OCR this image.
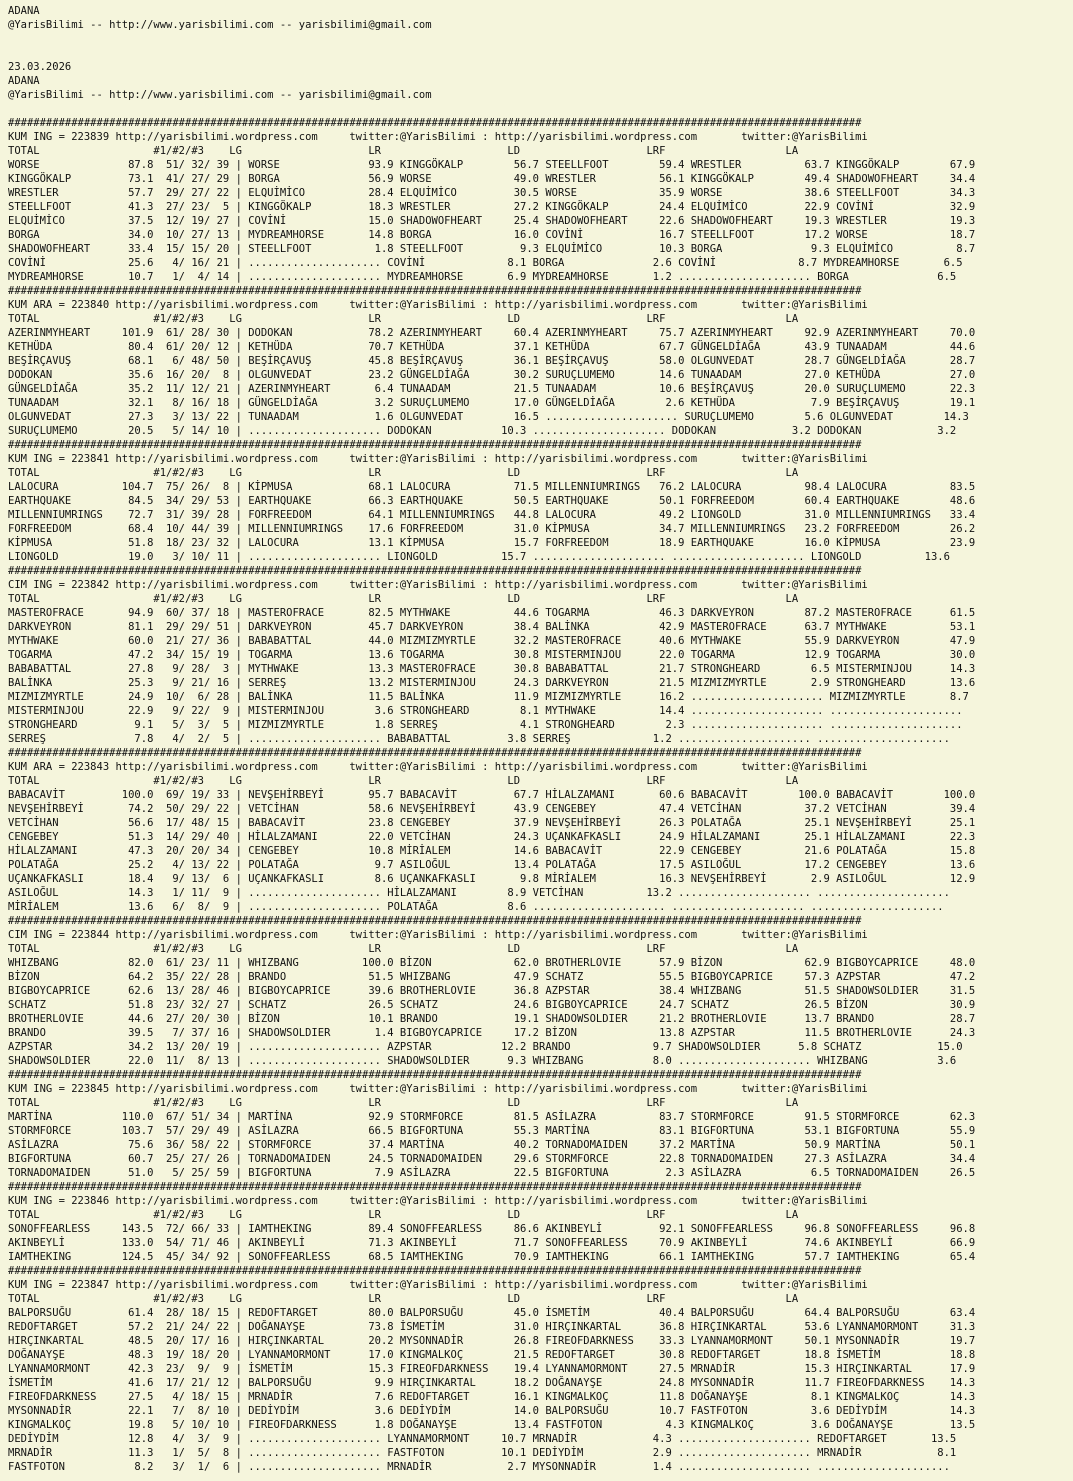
ADANA
@YarisBilimi -- http://www.yarisbilimi.com -- yarisbilimi@gmail.com
23.03.2026
ADANA
@YarisBilimi -- http://www.yarisbilimi.com -- yarisbilimi@gmail.com
#######################################################################################################################################
KUM ING = 223839 http://yarisbilimi.wordpress.com     twitter:@YarisBilimi : http://yarisbilimi.wordpress.com       twitter:@YarisBilimi
TOTAL                  #1/#2/#3    LG                    LR                    LD                    LRF                   LA
WORSE              87.8  51/ 32/ 39 | WORSE              93.9 KINGGÖKALP        56.7 STEELLFOOT        59.4 WRESTLER          63.7 KINGGÖKALP        67.9
KINGGÖKALP         73.1  41/ 27/ 29 | BORGA              56.9 WORSE             49.0 WRESTLER          56.1 KINGGÖKALP        49.4 SHADOWOFHEART     34.4
WRESTLER           57.7  29/ 27/ 22 | ELQUİMİCO          28.4 ELQUİMİCO         30.5 WORSE             35.9 WORSE             38.6 STEELLFOOT        34.3
STEELLFOOT         41.3  27/ 23/  5 | KINGGÖKALP         18.3 WRESTLER          27.2 KINGGÖKALP        24.4 ELQUİMİCO         22.9 COVİNİ            32.9
ELQUİMİCO          37.5  12/ 19/ 27 | COVİNİ             15.0 SHADOWOFHEART     25.4 SHADOWOFHEART     22.6 SHADOWOFHEART     19.3 WRESTLER          19.3
BORGA              34.0  10/ 27/ 13 | MYDREAMHORSE       14.8 BORGA             16.0 COVİNİ            16.7 STEELLFOOT        17.2 WORSE             18.7
SHADOWOFHEART      33.4  15/ 15/ 20 | STEELLFOOT          1.8 STEELLFOOT         9.3 ELQUİMİCO         10.3 BORGA              9.3 ELQUİMİCO          8.7
COVİNİ             25.6   4/ 16/ 21 | ..................... COVİNİ             8.1 BORGA              2.6 COVİNİ             8.7 MYDREAMHORSE       6.5
MYDREAMHORSE       10.7   1/  4/ 14 | ..................... MYDREAMHORSE       6.9 MYDREAMHORSE       1.2 ..................... BORGA              6.5
#######################################################################################################################################
KUM ARA = 223840 http://yarisbilimi.wordpress.com     twitter:@YarisBilimi : http://yarisbilimi.wordpress.com       twitter:@YarisBilimi
TOTAL                  #1/#2/#3    LG                    LR                    LD                    LRF                   LA
AZERINMYHEART     101.9  61/ 28/ 30 | DODOKAN            78.2 AZERINMYHEART     60.4 AZERINMYHEART     75.7 AZERINMYHEART     92.9 AZERINMYHEART     70.0
KETHÜDA            80.4  61/ 20/ 12 | KETHÜDA            70.7 KETHÜDA           37.1 KETHÜDA           67.7 GÜNGELDİAĞA       43.9 TUNAADAM          44.6
BEŞİRÇAVUŞ         68.1   6/ 48/ 50 | BEŞİRÇAVUŞ         45.8 BEŞİRÇAVUŞ        36.1 BEŞİRÇAVUŞ        58.0 OLGUNVEDAT        28.7 GÜNGELDİAĞA       28.7
DODOKAN            35.6  16/ 20/  8 | OLGUNVEDAT         23.2 GÜNGELDİAĞA       30.2 SURUÇLUMEMO       14.6 TUNAADAM          27.0 KETHÜDA           27.0
GÜNGELDİAĞA        35.2  11/ 12/ 21 | AZERINMYHEART       6.4 TUNAADAM          21.5 TUNAADAM          10.6 BEŞİRÇAVUŞ        20.0 SURUÇLUMEMO       22.3
TUNAADAM           32.1   8/ 16/ 18 | GÜNGELDİAĞA         3.2 SURUÇLUMEMO       17.0 GÜNGELDİAĞA        2.6 KETHÜDA            7.9 BEŞİRÇAVUŞ        19.1
OLGUNVEDAT         27.3   3/ 13/ 22 | TUNAADAM            1.6 OLGUNVEDAT        16.5 ..................... SURUÇLUMEMO        5.6 OLGUNVEDAT        14.3
SURUÇLUMEMO        20.5   5/ 14/ 10 | ..................... DODOKAN           10.3 ..................... DODOKAN            3.2 DODOKAN            3.2
#######################################################################################################################################
KUM ING = 223841 http://yarisbilimi.wordpress.com     twitter:@YarisBilimi : http://yarisbilimi.wordpress.com       twitter:@YarisBilimi
TOTAL                  #1/#2/#3    LG                    LR                    LD                    LRF                   LA
LALOCURA          104.7  75/ 26/  8 | KİPMUSA            68.1 LALOCURA          71.5 MILLENNIUMRINGS   76.2 LALOCURA          98.4 LALOCURA          83.5
EARTHQUAKE         84.5  34/ 29/ 53 | EARTHQUAKE         66.3 EARTHQUAKE        50.5 EARTHQUAKE        50.1 FORFREEDOM        60.4 EARTHQUAKE        48.6
MILLENNIUMRINGS    72.7  31/ 39/ 28 | FORFREEDOM         64.1 MILLENNIUMRINGS   44.8 LALOCURA          49.2 LIONGOLD          31.0 MILLENNIUMRINGS   33.4
FORFREEDOM         68.4  10/ 44/ 39 | MILLENNIUMRINGS    17.6 FORFREEDOM        31.0 KİPMUSA           34.7 MILLENNIUMRINGS   23.2 FORFREEDOM        26.2
KİPMUSA            51.8  18/ 23/ 32 | LALOCURA           13.1 KİPMUSA           15.7 FORFREEDOM        18.9 EARTHQUAKE        16.0 KİPMUSA           23.9
LIONGOLD           19.0   3/ 10/ 11 | ..................... LIONGOLD          15.7 ..................... ..................... LIONGOLD          13.6
#######################################################################################################################################
CIM ING = 223842 http://yarisbilimi.wordpress.com     twitter:@YarisBilimi : http://yarisbilimi.wordpress.com       twitter:@YarisBilimi
TOTAL                  #1/#2/#3    LG                    LR                    LD                    LRF                   LA
MASTEROFRACE       94.9  60/ 37/ 18 | MASTEROFRACE       82.5 MYTHWAKE          44.6 TOGARMA           46.3 DARKVEYRON        87.2 MASTEROFRACE      61.5
DARKVEYRON         81.1  29/ 29/ 51 | DARKVEYRON         45.7 DARKVEYRON        38.4 BALİNKA           42.9 MASTEROFRACE      63.7 MYTHWAKE          53.1
MYTHWAKE           60.0  21/ 27/ 36 | BABABATTAL         44.0 MIZMIZMYRTLE      32.2 MASTEROFRACE      40.6 MYTHWAKE          55.9 DARKVEYRON        47.9
TOGARMA            47.2  34/ 15/ 19 | TOGARMA            13.6 TOGARMA           30.8 MISTERMINJOU      22.0 TOGARMA           12.9 TOGARMA           30.0
BABABATTAL         27.8   9/ 28/  3 | MYTHWAKE           13.3 MASTEROFRACE      30.8 BABABATTAL        21.7 STRONGHEARD        6.5 MISTERMINJOU      14.3
BALİNKA            25.3   9/ 21/ 16 | SERREŞ             13.2 MISTERMINJOU      24.3 DARKVEYRON        21.5 MIZMIZMYRTLE       2.9 STRONGHEARD       13.6
MIZMIZMYRTLE       24.9  10/  6/ 28 | BALİNKA            11.5 BALİNKA           11.9 MIZMIZMYRTLE      16.2 ..................... MIZMIZMYRTLE       8.7
MISTERMINJOU       22.9   9/ 22/  9 | MISTERMINJOU        3.6 STRONGHEARD        8.1 MYTHWAKE          14.4 ..................... .....................
STRONGHEARD         9.1   5/  3/  5 | MIZMIZMYRTLE        1.8 SERREŞ             4.1 STRONGHEARD        2.3 ..................... .....................
SERREŞ              7.8   4/  2/  5 | ..................... BABABATTAL         3.8 SERREŞ             1.2 ..................... .....................
#######################################################################################################################################
KUM ARA = 223843 http://yarisbilimi.wordpress.com     twitter:@YarisBilimi : http://yarisbilimi.wordpress.com       twitter:@YarisBilimi
TOTAL                  #1/#2/#3    LG                    LR                    LD                    LRF                   LA
BABACAVİT         100.0  69/ 19/ 33 | NEVŞEHİRBEYİ       95.7 BABACAVİT         67.7 HİLALZAMANI       60.6 BABACAVİT        100.0 BABACAVİT        100.0
NEVŞEHİRBEYİ       74.2  50/ 29/ 22 | VETCİHAN           58.6 NEVŞEHİRBEYİ      43.9 CENGEBEY          47.4 VETCİHAN          37.2 VETCİHAN          39.4
VETCİHAN           56.6  17/ 48/ 15 | BABACAVİT          23.8 CENGEBEY          37.9 NEVŞEHİRBEYİ      26.3 POLATAĞA          25.1 NEVŞEHİRBEYİ      25.1
CENGEBEY           51.3  14/ 29/ 40 | HİLALZAMANI        22.0 VETCİHAN          24.3 UÇANKAFKASLI      24.9 HİLALZAMANI       25.1 HİLALZAMANI       22.3
HİLALZAMANI        47.3  20/ 20/ 34 | CENGEBEY           10.8 MİRİALEM          14.6 BABACAVİT         22.9 CENGEBEY          21.6 POLATAĞA          15.8
POLATAĞA           25.2   4/ 13/ 22 | POLATAĞA            9.7 ASILOĞUL          13.4 POLATAĞA          17.5 ASILOĞUL          17.2 CENGEBEY          13.6
UÇANKAFKASLI       18.4   9/ 13/  6 | UÇANKAFKASLI        8.6 UÇANKAFKASLI       9.8 MİRİALEM          16.3 NEVŞEHİRBEYİ       2.9 ASILOĞUL          12.9
ASILOĞUL           14.3   1/ 11/  9 | ..................... HİLALZAMANI        8.9 VETCİHAN          13.2 ..................... .....................
MİRİALEM           13.6   6/  8/  9 | ..................... POLATAĞA           8.6 ..................... ..................... .....................
#######################################################################################################################################
CIM ING = 223844 http://yarisbilimi.wordpress.com     twitter:@YarisBilimi : http://yarisbilimi.wordpress.com       twitter:@YarisBilimi
TOTAL                  #1/#2/#3    LG                    LR                    LD                    LRF                   LA
WHIZBANG           82.0  61/ 23/ 11 | WHIZBANG          100.0 BİZON             62.0 BROTHERLOVIE      57.9 BİZON             62.9 BIGBOYCAPRICE     48.0
BİZON              64.2  35/ 22/ 28 | BRANDO             51.5 WHIZBANG          47.9 SCHATZ            55.5 BIGBOYCAPRICE     57.3 AZPSTAR           47.2
BIGBOYCAPRICE      62.6  13/ 28/ 46 | BIGBOYCAPRICE      39.6 BROTHERLOVIE      36.8 AZPSTAR           38.4 WHIZBANG          51.5 SHADOWSOLDIER     31.5
SCHATZ             51.8  23/ 32/ 27 | SCHATZ             26.5 SCHATZ            24.6 BIGBOYCAPRICE     24.7 SCHATZ            26.5 BİZON             30.9
BROTHERLOVIE       44.6  27/ 20/ 30 | BİZON              10.1 BRANDO            19.1 SHADOWSOLDIER     21.2 BROTHERLOVIE      13.7 BRANDO            28.7
BRANDO             39.5   7/ 37/ 16 | SHADOWSOLDIER       1.4 BIGBOYCAPRICE     17.2 BİZON             13.8 AZPSTAR           11.5 BROTHERLOVIE      24.3
AZPSTAR            34.2  13/ 20/ 19 | ..................... AZPSTAR           12.2 BRANDO             9.7 SHADOWSOLDIER      5.8 SCHATZ            15.0
SHADOWSOLDIER      22.0  11/  8/ 13 | ..................... SHADOWSOLDIER      9.3 WHIZBANG           8.0 ..................... WHIZBANG           3.6
#######################################################################################################################################
KUM ING = 223845 http://yarisbilimi.wordpress.com     twitter:@YarisBilimi : http://yarisbilimi.wordpress.com       twitter:@YarisBilimi
TOTAL                  #1/#2/#3    LG                    LR                    LD                    LRF                   LA
MARTİNA           110.0  67/ 51/ 34 | MARTİNA            92.9 STORMFORCE        81.5 ASİLAZRA          83.7 STORMFORCE        91.5 STORMFORCE        62.3
STORMFORCE        103.7  57/ 29/ 49 | ASİLAZRA           66.5 BIGFORTUNA        55.3 MARTİNA           83.1 BIGFORTUNA        53.1 BIGFORTUNA        55.9
ASİLAZRA           75.6  36/ 58/ 22 | STORMFORCE         37.4 MARTİNA           40.2 TORNADOMAIDEN     37.2 MARTİNA           50.9 MARTİNA           50.1
BIGFORTUNA         60.7  25/ 27/ 26 | TORNADOMAIDEN      24.5 TORNADOMAIDEN     29.6 STORMFORCE        22.8 TORNADOMAIDEN     27.3 ASİLAZRA          34.4
TORNADOMAIDEN      51.0   5/ 25/ 59 | BIGFORTUNA          7.9 ASİLAZRA          22.5 BIGFORTUNA         2.3 ASİLAZRA           6.5 TORNADOMAIDEN     26.5
#######################################################################################################################################
KUM ING = 223846 http://yarisbilimi.wordpress.com     twitter:@YarisBilimi : http://yarisbilimi.wordpress.com       twitter:@YarisBilimi
TOTAL                  #1/#2/#3    LG                    LR                    LD                    LRF                   LA
SONOFFEARLESS     143.5  72/ 66/ 33 | IAMTHEKING         89.4 SONOFFEARLESS     86.6 AKINBEYLİ         92.1 SONOFFEARLESS     96.8 SONOFFEARLESS     96.8
AKINBEYLİ         133.0  54/ 71/ 46 | AKINBEYLİ          71.3 AKINBEYLİ         71.7 SONOFFEARLESS     70.9 AKINBEYLİ         74.6 AKINBEYLİ         66.9
IAMTHEKING        124.5  45/ 34/ 92 | SONOFFEARLESS      68.5 IAMTHEKING        70.9 IAMTHEKING        66.1 IAMTHEKING        57.7 IAMTHEKING        65.4
#######################################################################################################################################
KUM ING = 223847 http://yarisbilimi.wordpress.com     twitter:@YarisBilimi : http://yarisbilimi.wordpress.com       twitter:@YarisBilimi
TOTAL                  #1/#2/#3    LG                    LR                    LD                    LRF                   LA
BALPORSUĞU         61.4  28/ 18/ 15 | REDOFTARGET        80.0 BALPORSUĞU        45.0 İSMETİM           40.4 BALPORSUĞU        64.4 BALPORSUĞU        63.4
REDOFTARGET        57.2  21/ 24/ 22 | DOĞANAYŞE          73.8 İSMETİM           31.0 HIRÇINKARTAL      36.8 HIRÇINKARTAL      53.6 LYANNAMORMONT     31.3
HIRÇINKARTAL       48.5  20/ 17/ 16 | HIRÇINKARTAL       20.2 MYSONNADİR        26.8 FIREOFDARKNESS    33.3 LYANNAMORMONT     50.1 MYSONNADİR        19.7
DOĞANAYŞE          48.3  19/ 18/ 20 | LYANNAMORMONT      17.0 KINGMALKOÇ        21.5 REDOFTARGET       30.8 REDOFTARGET       18.8 İSMETİM           18.8
LYANNAMORMONT      42.3  23/  9/  9 | İSMETİM            15.3 FIREOFDARKNESS    19.4 LYANNAMORMONT     27.5 MRNADİR           15.3 HIRÇINKARTAL      17.9
İSMETİM            41.6  17/ 21/ 12 | BALPORSUĞU          9.9 HIRÇINKARTAL      18.2 DOĞANAYŞE         24.8 MYSONNADİR        11.7 FIREOFDARKNESS    14.3
FIREOFDARKNESS     27.5   4/ 18/ 15 | MRNADİR             7.6 REDOFTARGET       16.1 KINGMALKOÇ        11.8 DOĞANAYŞE          8.1 KINGMALKOÇ        14.3
MYSONNADİR         22.1   7/  8/ 10 | DEDİYDİM            3.6 DEDİYDİM          14.0 BALPORSUĞU        10.7 FASTFOTON          3.6 DEDİYDİM          14.3
KINGMALKOÇ         19.8   5/ 10/ 10 | FIREOFDARKNESS      1.8 DOĞANAYŞE         13.4 FASTFOTON          4.3 KINGMALKOÇ         3.6 DOĞANAYŞE         13.5
DEDİYDİM           12.8   4/  3/  9 | ..................... LYANNAMORMONT     10.7 MRNADİR            4.3 ..................... REDOFTARGET       13.5
MRNADİR            11.3   1/  5/  8 | ..................... FASTFOTON         10.1 DEDİYDİM           2.9 ..................... MRNADİR            8.1
FASTFOTON           8.2   3/  1/  6 | ..................... MRNADİR            2.7 MYSONNADİR         1.4 ..................... .....................
